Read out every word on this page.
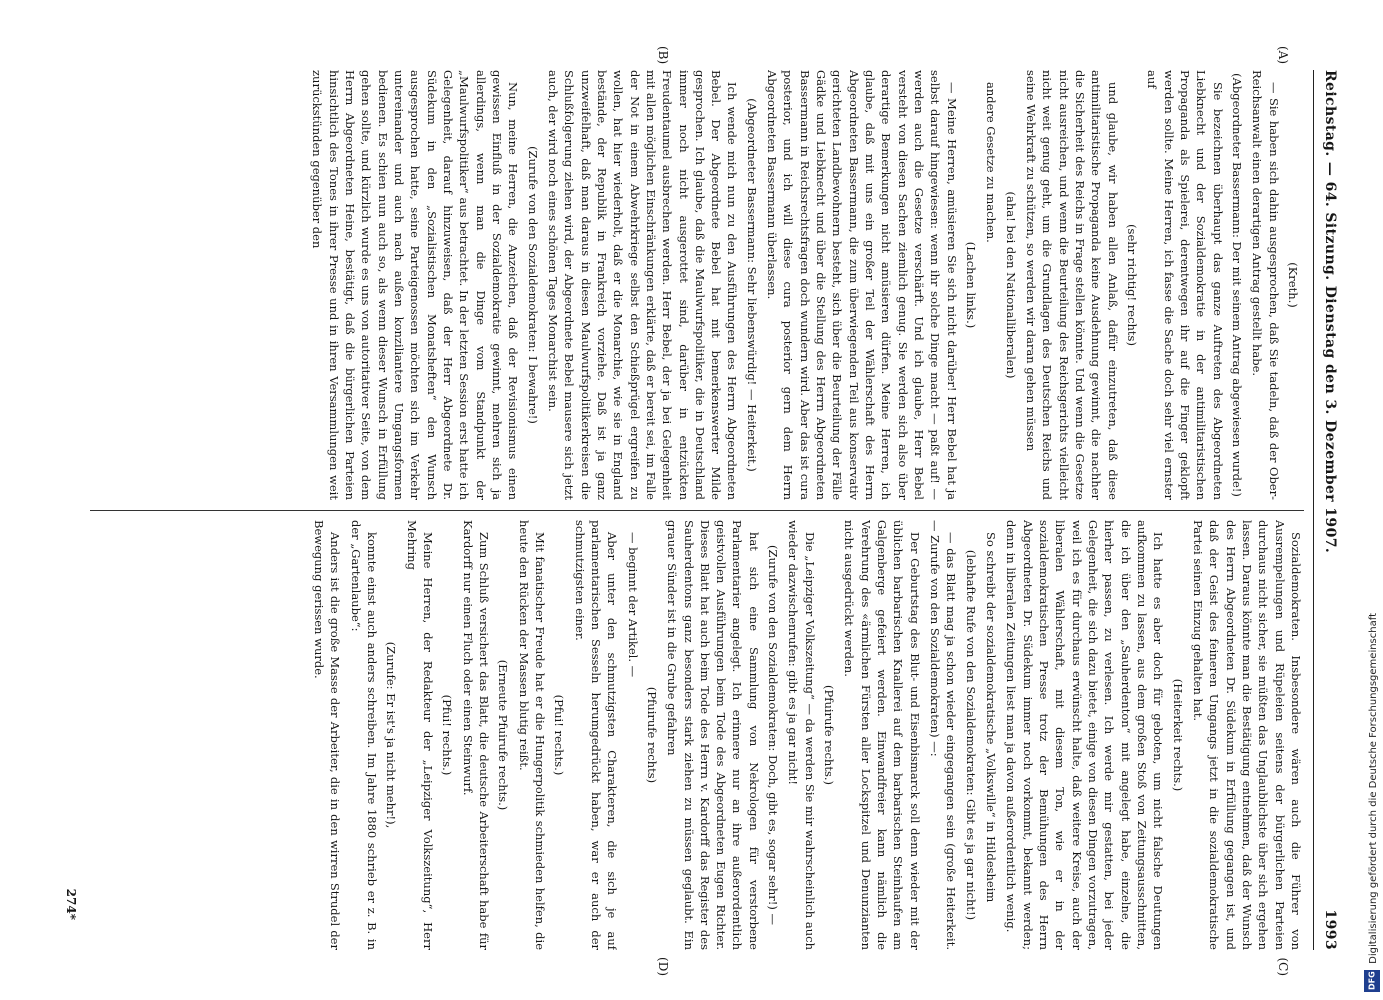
Reichstag. — 64. Sitzung. Dienstag den 3. Dezember 1907.
1993
(A)
(B)
(C)
(D)

(Kreth.)

— Sie haben sich dahin ausgesprochen, daß Sie tadeln, daß der Ober-Reichsanwalt einen derartigen Antrag gestellt habe.

(Abgeordneter Bassermann: Der mit seinem Antrag abgewiesen wurde!)

Sie bezeichnen überhaupt das ganze Auftreten des Abgeordneten Liebknecht und der Sozialdemokratie in der antimilitaristischen Propaganda als Spielerei, derentwegen ihr auf die Finger geklopft werden sollte. Meine Herren, ich fasse die Sache doch sehr viel ernster auf

(sehr richtig! rechts)

und glaube, wir haben allen Anlaß, dafür einzutreten, daß diese antimilitaristische Propaganda keine Ausdehnung gewinnt, die nachher die Sicherheit des Reichs in Frage stellen könnte. Und wenn die Gesetze nicht ausreichen, und wenn die Beurteilung des Reichsgerichts vielleicht nicht weit genug geht, um die Grundlagen des Deutschen Reichs und seine Wehrkraft zu schützen, so werden wir daran gehen müssen

(aha! bei den Nationalliberalen)

andere Gesetze zu machen.

(Lachen links.)

— Meine Herren, amüsieren Sie sich nicht darüber! Herr Bebel hat ja selbst darauf hingewiesen: wenn ihr solche Dinge macht — paßt auf! — werden auch die Gesetze verschärft. Und ich glaube, Herr Bebel versteht von diesen Sachen ziemlich genug. Sie werden sich also über derartige Bemerkungen nicht amüsieren dürfen. Meine Herren, ich glaube, daß mit uns ein großer Teil der Wählerschaft des Herrn Abgeordneten Bassermann, die zum überwiegenden Teil aus konservativ gerichteten Landbewohnern besteht, sich über die Beurteilung der Fälle Gädke und Liebknecht und über die Stellung des Herrn Abgeordneten Bassermann in Reichsrechtsfragen doch wundern wird. Aber das ist cura posterior, und ich will diese cura posterior gern dem Herrn Abgeordneten Bassermann überlassen.

(Abgeordneter Bassermann: Sehr liebenswürdig! — Heiterkeit.)

Ich wende mich nun zu den Ausführungen des Herrn Abgeordneten Bebel. Der Abgeordnete Bebel hat mit bemerkenswerter Milde gesprochen. Ich glaube, daß die Maulwurfspolitiker, die in Deutschland immer noch nicht ausgerottet sind, darüber in entzückten Freudentaumel ausbrechen werden. Herr Bebel, der ja bei Gelegenheit mit allen möglichen Einschränkungen erklärte, daß er bereit sei, im Falle der Not in einem Abwehrkriege selbst den Schießprügel ergreifen zu wollen, hat hier wiederholt, daß er die Monarchie, wie sie in England bestände, der Republik in Frankreich vorziehe. Daß ist ja ganz unzweifelhaft, daß man daraus in diesen Maulwurfspolitikerkreisen die Schlußfolgerung ziehen wird, der Abgeordnete Bebel mausere sich jetzt auch, der wird noch eines schönen Tages Monarchist sein.

(Zurufe von den Sozialdemokraten: I bewahre!)

Nun, meine Herren, die Anzeichen, daß der Revisionismus einen gewissen Einfluß in der Sozialdemokratie gewinnt, mehren sich ja allerdings, wenn man die Dinge vom Standpunkt der „Maulwurfspolitiker“ aus betrachtet. In der letzten Session erst hatte ich Gelegenheit, darauf hinzuweisen, daß der Herr Abgeordnete Dr. Südekum in den „Sozialistischen Monatsheften“ den Wunsch ausgesprochen hatte, seine Parteigenossen möchten sich im Verkehr untereinander und auch nach außen konziliantere Umgangsformen bedienen. Es schien nun auch so, als wenn dieser Wunsch in Erfüllung gehen sollte, und kürzlich wurde es uns von autoritativer Seite, von dem Herrn Abgeordneten Heine, bestätigt, daß die bürgerlichen Parteien hinsichtlich des Tones in ihrer Presse und in ihren Versammlungen weit zurückstünden gegenüber den

Sozialdemokraten. Insbesondere wären auch die Führer von Ausrempelungen und Rüpeleien seitens der bürgerlichen Parteien durchaus nicht sicher, sie müßten das Unglaublichste über sich ergehen lassen. Daraus könnte man die Bestätigung entnehmen, daß der Wunsch des Herrn Abgeordneten Dr. Südekum in Erfüllung gegangen ist, und daß der Geist des feineren Umgangs jetzt in die sozialdemokratische Partei seinen Einzug gehalten hat.

(Heiterkeit rechts.)

Ich hatte es aber doch für geboten, um nicht falsche Deutungen aufkommen zu lassen, aus dem großen Stoß von Zeitungsausschnitten, die ich über den „Sauherdenton“ mit angelegt habe, einzelne, die hierher passen, zu verlesen. Ich werde mir gestatten, bei jeder Gelegenheit, die sich dazu bietet, einige von diesen Dingen vorzutragen, weil ich es für durchaus erwünscht halte, daß weitere Kreise, auch der liberalen Wählerschaft, mit diesem Ton, wie er in der sozialdemokratischen Presse trotz der Bemühungen des Herrn Abgeordneten Dr. Südekum immer noch vorkommt, bekannt werden; denn in liberalen Zeitungen liest man ja davon außerordentlich wenig.

So schreibt der sozialdemokratische „Volkswille“ in Hildesheim

(lebhafte Rufe von den Sozialdemokraten: Gibt es ja gar nicht!)

— das Blatt mag ja schon wieder eingegangen sein (große Heiterkeit. — Zurufe von den Sozialdemokraten) —:

Der Geburtstag des Blut- und Eisenbismarck soll denn wieder mit der üblichen barbarischen Knallerei auf dem barbarischen Steinhaufen am Galgenberge gefeiert werden. Einwandfreier kann nämlich die Verehrung des «ärmlichen Fürsten aller Lockspitzel und Denunzianten nicht ausgedrückt werden.

(Pfuirufe rechts.)

Die „Leipziger Volkszeitung“ — da werden Sie mir wahrscheinlich auch wieder dazwischenrufen: gibt es ja gar nicht!

(Zurufe von den Sozialdemokraten: Doch, gibt es, sogar sehr!) —

hat sich eine Sammlung von Nekrologen für verstorbene Parlamentarier angelegt. Ich erinnere nur an ihre außerordentlich geistvollen Ausführungen beim Tode des Abgeordneten Eugen Richter. Dieses Blatt hat auch beim Tode des Herrn v. Kardorff das Register des Sauherdentons ganz besonders stark ziehen zu müssen geglaubt. Ein grauer Sünder ist in die Grube gefahren

(Pfuirufe rechts)

— beginnt der Artikel. —

Aber unter den schmutzigsten Charakteren, die sich je auf parlamentarischen Sesseln herumgedrückt haben, war er auch der schmutzigsten einer.

(Pfui! rechts.)

Mit fanatischer Freude hat er die Hungerpolitik schmieden helfen, die heute den Rücken der Massen blutig reißt.

(Erneute Pfuirufe rechts.)

Zum Schluß versichert das Blatt, die deutsche Arbeiterschaft habe für Kardorff nur einen Fluch oder einen Steinwurf.

(Pfui! rechts.)

Meine Herren, der Redakteur der „Leipziger Volkszeitung“, Herr Mehring

(Zurufe: Er ist's ja nicht mehr!),

konnte einst auch anders schreiben. Im Jahre 1880 schrieb er z. B. in der „Gartenlaube“:

Anders ist die große Masse der Arbeiter, die in den wirren Strudel der Bewegung gerissen wurde.

274*	Digitalisierung gefördert durch die Deutsche Forschungsgemeinschaft
DFG
